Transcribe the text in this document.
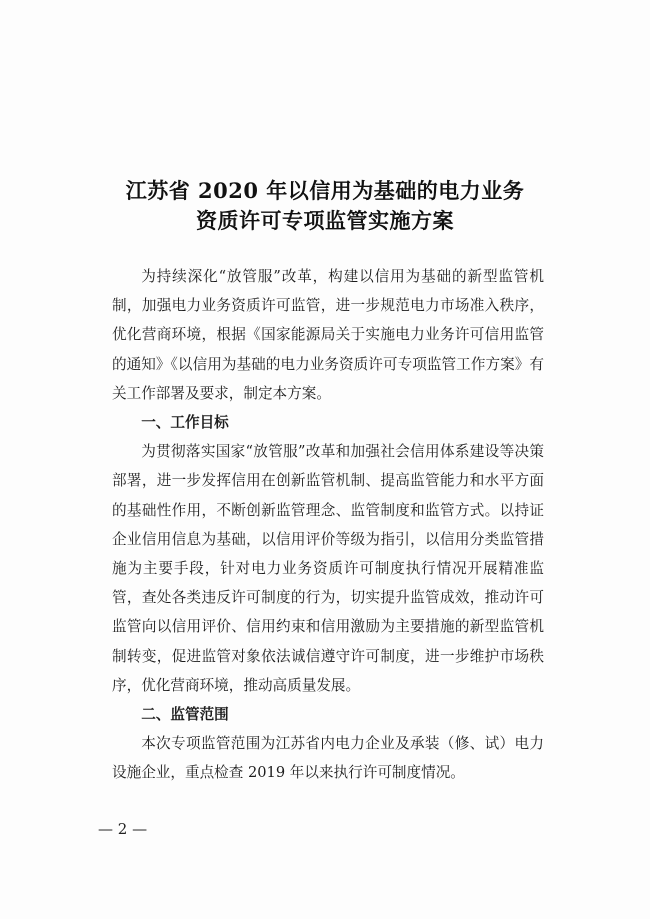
江苏省 2020 年以信用为基础的电力业务
资质许可专项监管实施方案

为持续深化“放管服”改革，构建以信用为基础的新型监管机制，加强电力业务资质许可监管，进一步规范电力市场准入秩序，优化营商环境，根据《国家能源局关于实施电力业务许可信用监管的通知》《以信用为基础的电力业务资质许可专项监管工作方案》有关工作部署及要求，制定本方案。

一、工作目标

为贯彻落实国家“放管服”改革和加强社会信用体系建设等决策部署，进一步发挥信用在创新监管机制、提高监管能力和水平方面的基础性作用，不断创新监管理念、监管制度和监管方式。以持证企业信用信息为基础，以信用评价等级为指引，以信用分类监管措施为主要手段，针对电力业务资质许可制度执行情况开展精准监管，查处各类违反许可制度的行为，切实提升监管成效，推动许可监管向以信用评价、信用约束和信用激励为主要措施的新型监管机制转变，促进监管对象依法诚信遵守许可制度，进一步维护市场秩序，优化营商环境，推动高质量发展。

二、监管范围

本次专项监管范围为江苏省内电力企业及承装（修、试）电力设施企业，重点检查 2019 年以来执行许可制度情况。

— 2 —
